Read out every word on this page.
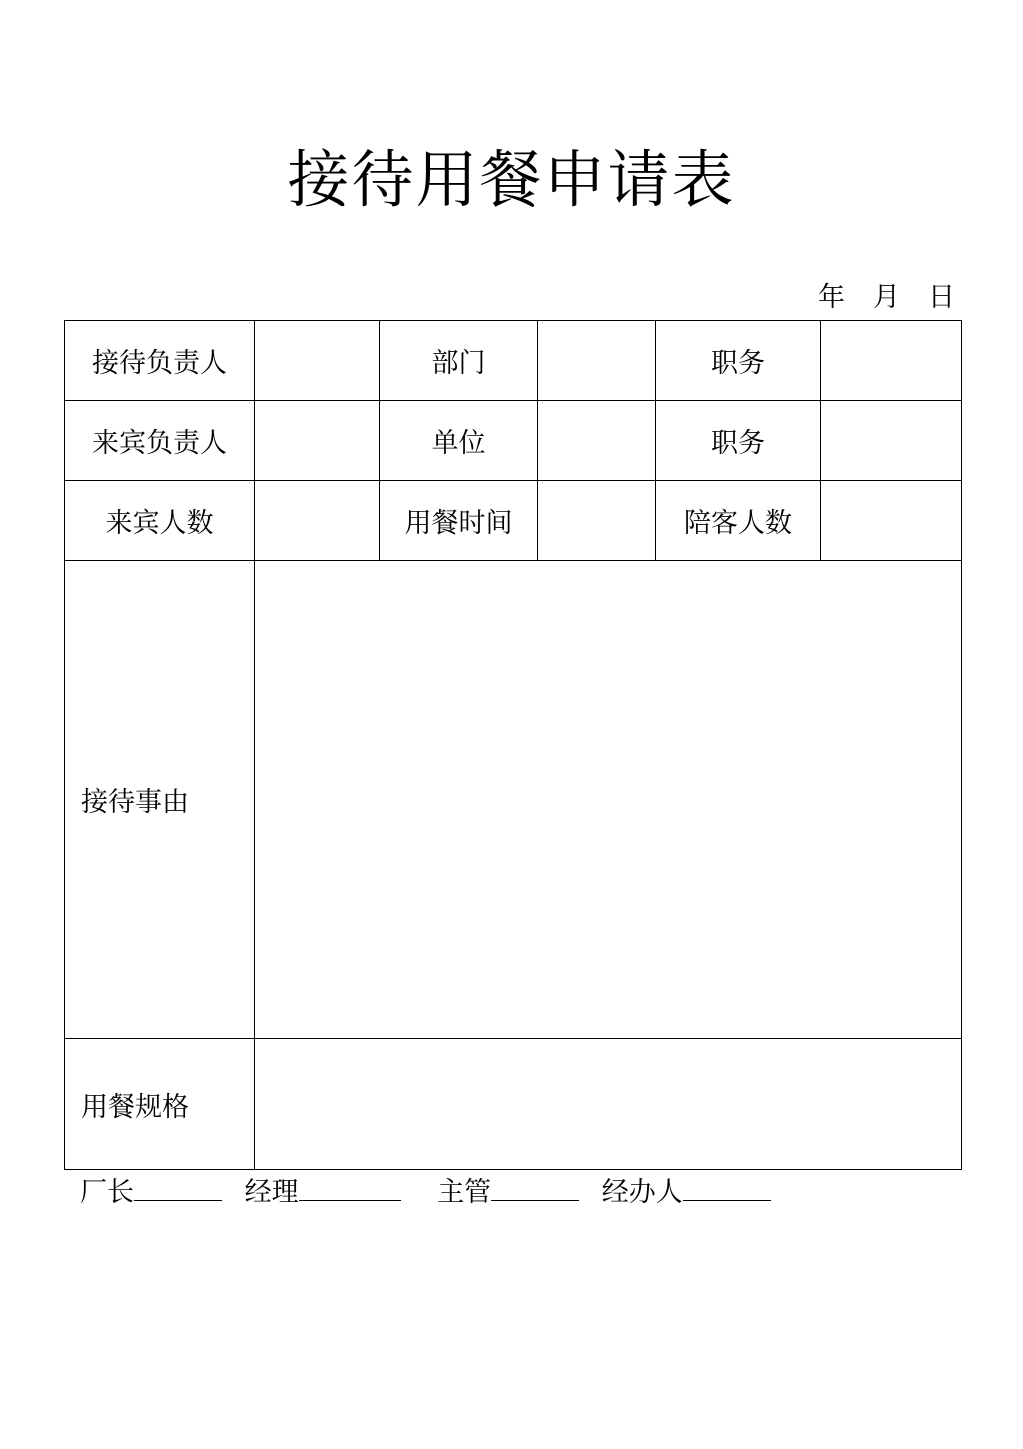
接待用餐申请表
年 月 日
接待负责人		部门		职务	
来宾负责人		单位		职务	
来宾人数		用餐时间		陪客人数	
接待事由					
用餐规格					
厂长	经理	主管	经办人
